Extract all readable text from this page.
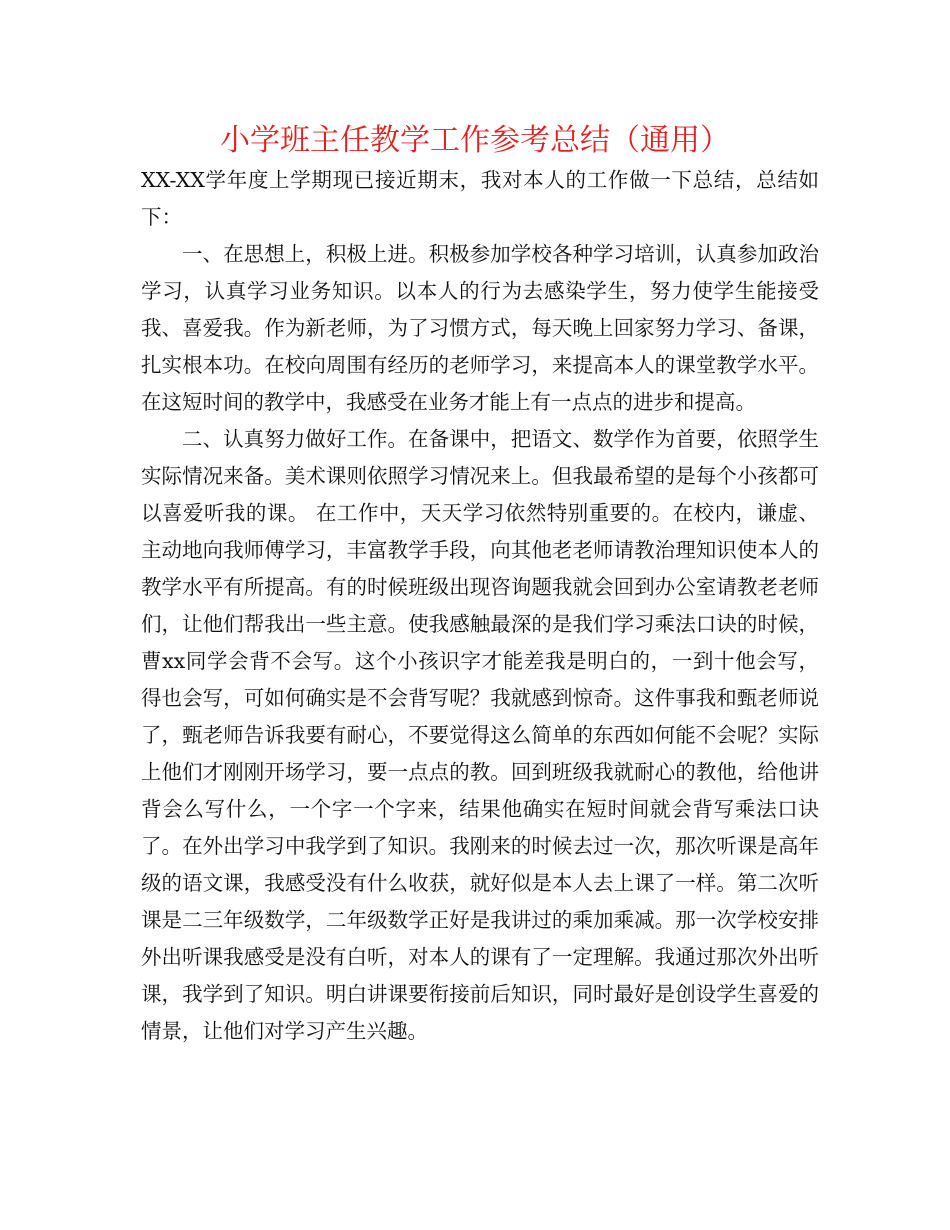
小学班主任教学工作参考总结（通用）

XX-XX学年度上学期现已接近期末，我对本人的工作做一下总结，总结如下：

一、在思想上，积极上进。积极参加学校各种学习培训，认真参加政治学习，认真学习业务知识。以本人的行为去感染学生，努力使学生能接受我、喜爱我。作为新老师，为了习惯方式，每天晚上回家努力学习、备课，扎实根本功。在校向周围有经历的老师学习，来提高本人的课堂教学水平。在这短时间的教学中，我感受在业务才能上有一点点的进步和提高。

二、认真努力做好工作。在备课中，把语文、数学作为首要，依照学生实际情况来备。美术课则依照学习情况来上。但我最希望的是每个小孩都可以喜爱听我的课。 在工作中，天天学习依然特别重要的。在校内，谦虚、主动地向我师傅学习，丰富教学手段，向其他老老师请教治理知识使本人的教学水平有所提高。有的时候班级出现咨询题我就会回到办公室请教老老师们，让他们帮我出一些主意。使我感触最深的是我们学习乘法口诀的时候，曹xx同学会背不会写。这个小孩识字才能差我是明白的，一到十他会写，得也会写，可如何确实是不会背写呢？我就感到惊奇。这件事我和甄老师说了，甄老师告诉我要有耐心，不要觉得这么简单的东西如何能不会呢？实际上他们才刚刚开场学习，要一点点的教。回到班级我就耐心的教他，给他讲背会么写什么，一个字一个字来，结果他确实在短时间就会背写乘法口诀了。在外出学习中我学到了知识。我刚来的时候去过一次，那次听课是高年级的语文课，我感受没有什么收获，就好似是本人去上课了一样。第二次听课是二三年级数学，二年级数学正好是我讲过的乘加乘减。那一次学校安排外出听课我感受是没有白听，对本人的课有了一定理解。我通过那次外出听课，我学到了知识。明白讲课要衔接前后知识，同时最好是创设学生喜爱的情景，让他们对学习产生兴趣。
